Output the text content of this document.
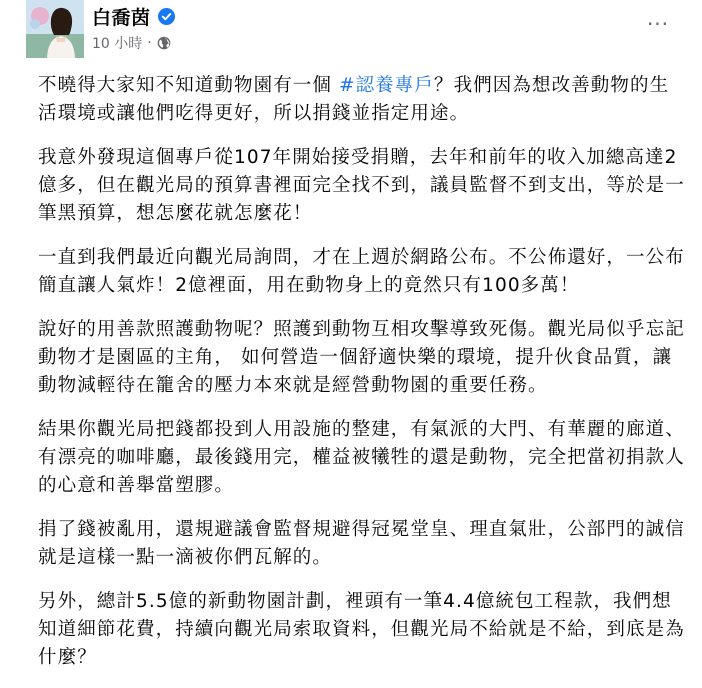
白喬茵
10 小時 ·
···

不曉得大家知不知道動物園有一個 #認養專戶？我們因為想改善動物的生活環境或讓他們吃得更好，所以捐錢並指定用途。

我意外發現這個專戶從107年開始接受捐贈，去年和前年的收入加總高達2億多，但在觀光局的預算書裡面完全找不到，議員監督不到支出，等於是一筆黑預算，想怎麼花就怎麼花！

一直到我們最近向觀光局詢問，才在上週於網路公布。不公佈還好，一公布簡直讓人氣炸！2億裡面，用在動物身上的竟然只有100多萬！

說好的用善款照護動物呢？照護到動物互相攻擊導致死傷。觀光局似乎忘記動物才是園區的主角， 如何營造一個舒適快樂的環境，提升伙食品質，讓動物減輕待在籠舍的壓力本來就是經營動物園的重要任務。

結果你觀光局把錢都投到人用設施的整建，有氣派的大門、有華麗的廊道、有漂亮的咖啡廳，最後錢用完，權益被犧牲的還是動物，完全把當初捐款人的心意和善舉當塑膠。

捐了錢被亂用，還規避議會監督規避得冠冕堂皇、理直氣壯，公部門的誠信就是這樣一點一滴被你們瓦解的。

另外，總計5.5億的新動物園計劃，裡頭有一筆4.4億統包工程款，我們想知道細節花費，持續向觀光局索取資料，但觀光局不給就是不給，到底是為什麼？
